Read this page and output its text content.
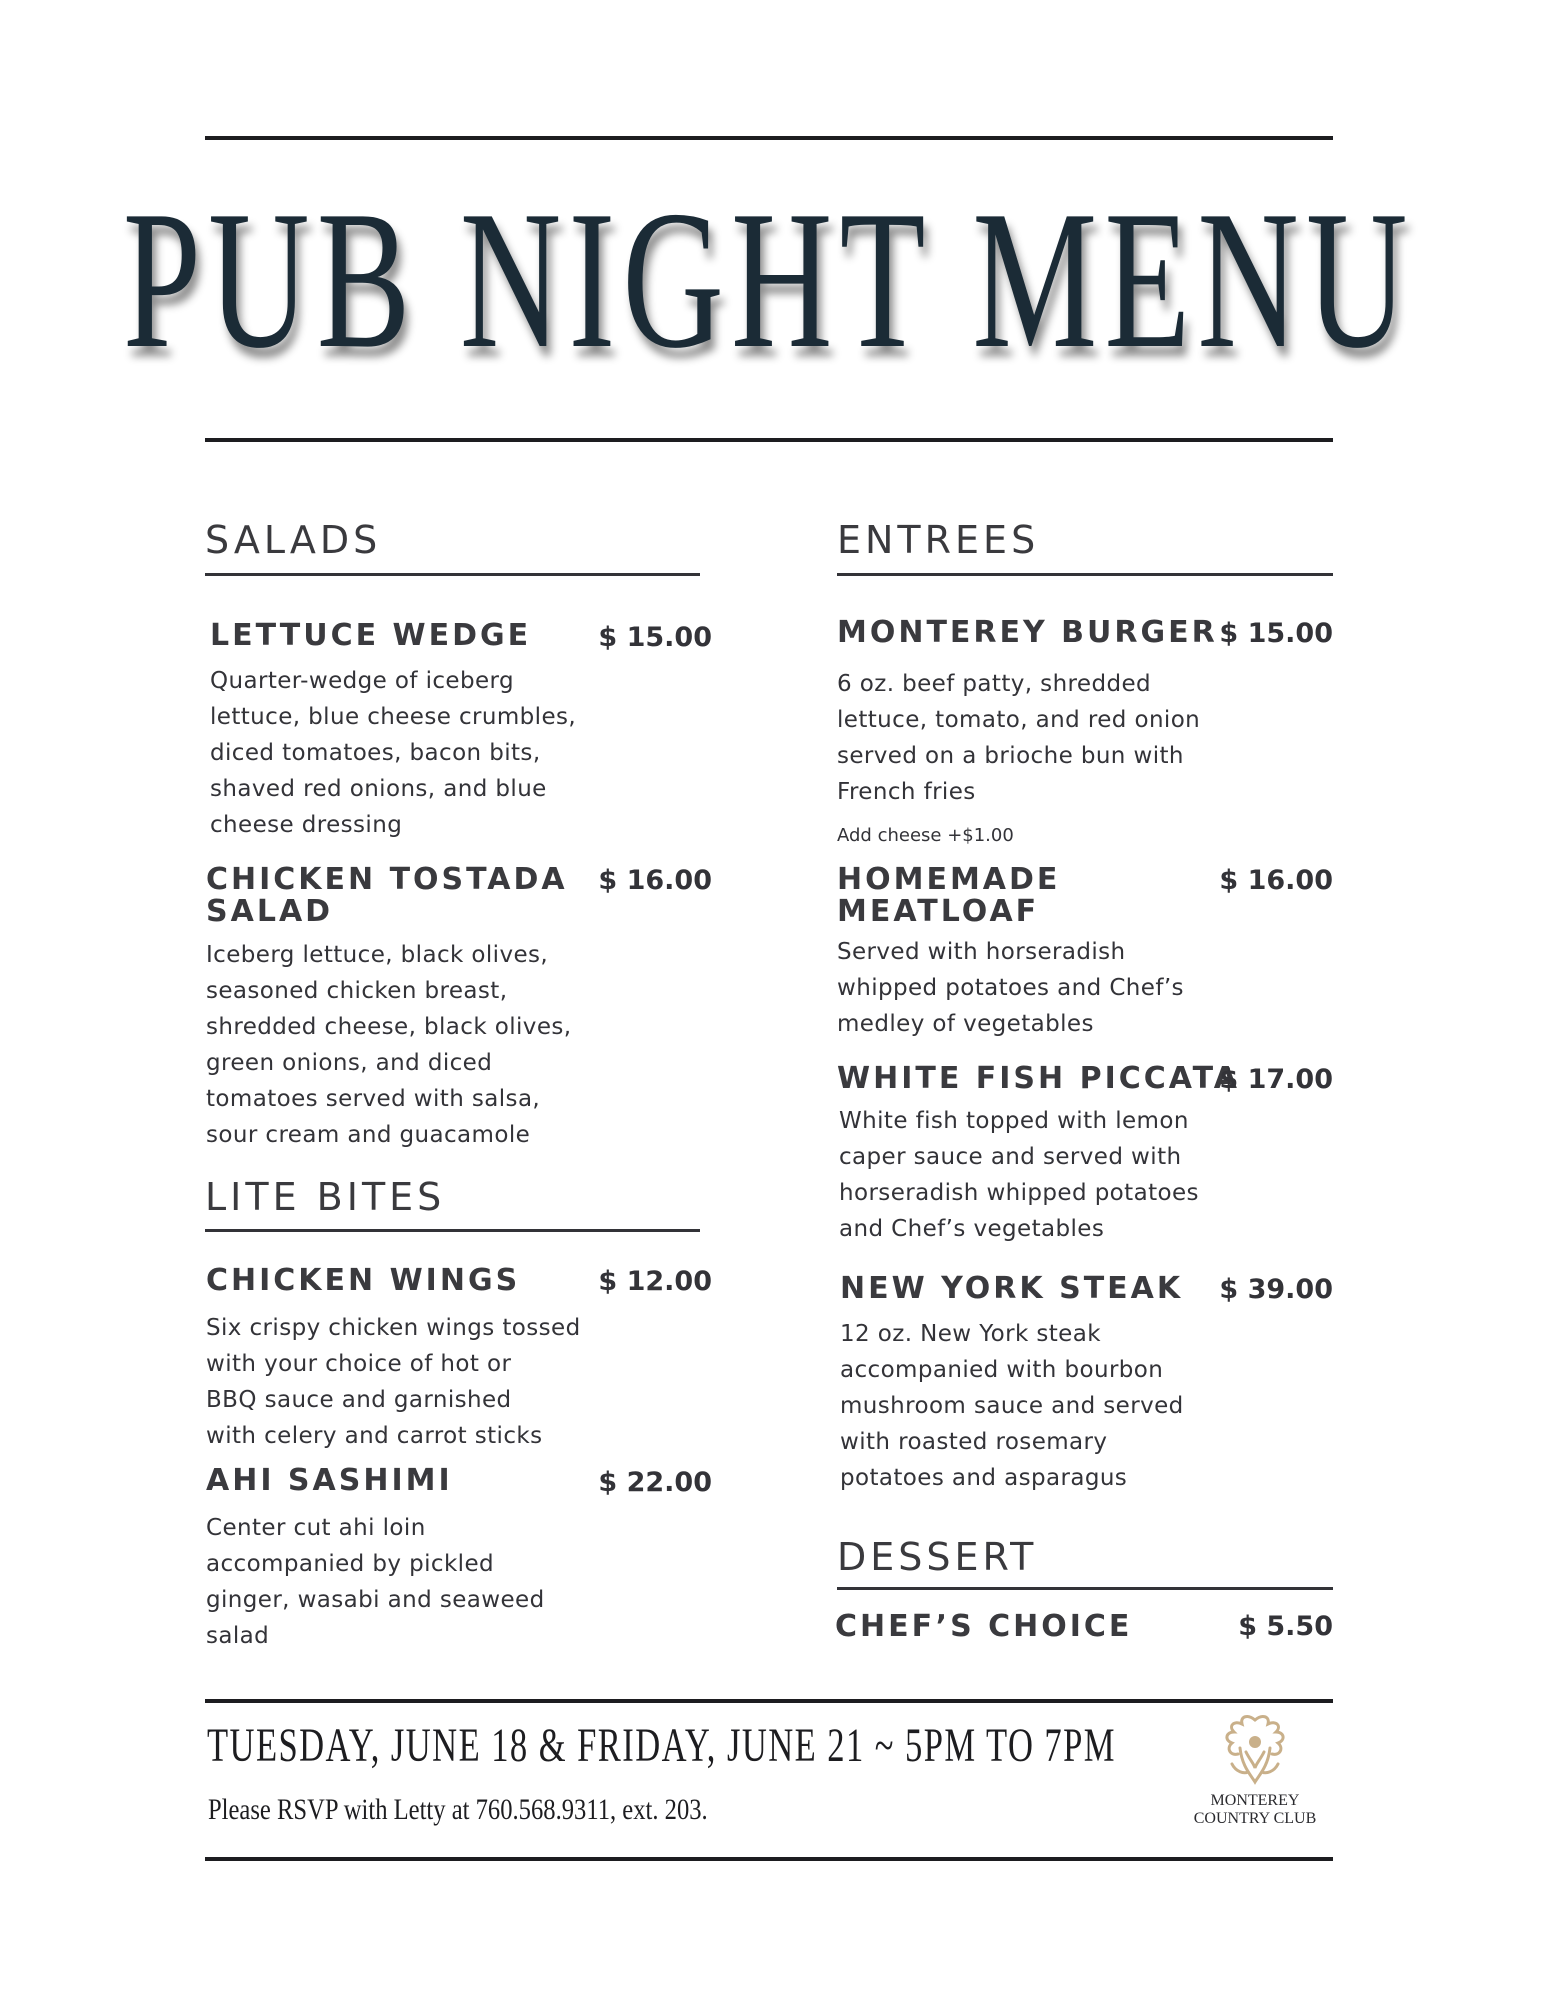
PUB NIGHT MENU
SALADS
LETTUCE WEDGE $ 15.00
Quarter-wedge of iceberg
lettuce, blue cheese crumbles,
diced tomatoes, bacon bits,
shaved red onions, and blue
cheese dressing
CHICKEN TOSTADA
SALAD
$ 16.00
Iceberg lettuce, black olives,
seasoned chicken breast,
shredded cheese, black olives,
green onions, and diced
tomatoes served with salsa,
sour cream and guacamole
LITE BITES
CHICKEN WINGS	$ 12.00
Six crispy chicken wings tossed
with your choice of hot or
BBQ sauce and garnished
with celery and carrot sticks
AHI SASHIMI	$ 22.00
Center cut ahi loin
accompanied by pickled
ginger, wasabi and seaweed
salad
ENTREES
MONTEREY BURGER $ 15.00
6 oz. beef patty, shredded
lettuce, tomato, and red onion
served on a brioche bun with
French fries
Add cheese +$1.00
HOMEMADE
MEATLOAF
$ 16.00
Served with horseradish
whipped potatoes and Chef’s
medley of vegetables
WHITE FISH PICCATA
$ 17.00
White fish topped with lemon
caper sauce and served with
horseradish whipped potatoes
and Chef’s vegetables
NEW YORK STEAK $ 39.00
12 oz. New York steak
accompanied with bourbon
mushroom sauce and served
with roasted rosemary
potatoes and asparagus
DESSERT
CHEF’S CHOICE	$ 5.50
TUESDAY, JUNE 18 & FRIDAY, JUNE 21 ~ 5PM TO 7PM
Please RSVP with Letty at 760.568.9311, ext. 203.	MONTEREY
COUNTRY CLUB
